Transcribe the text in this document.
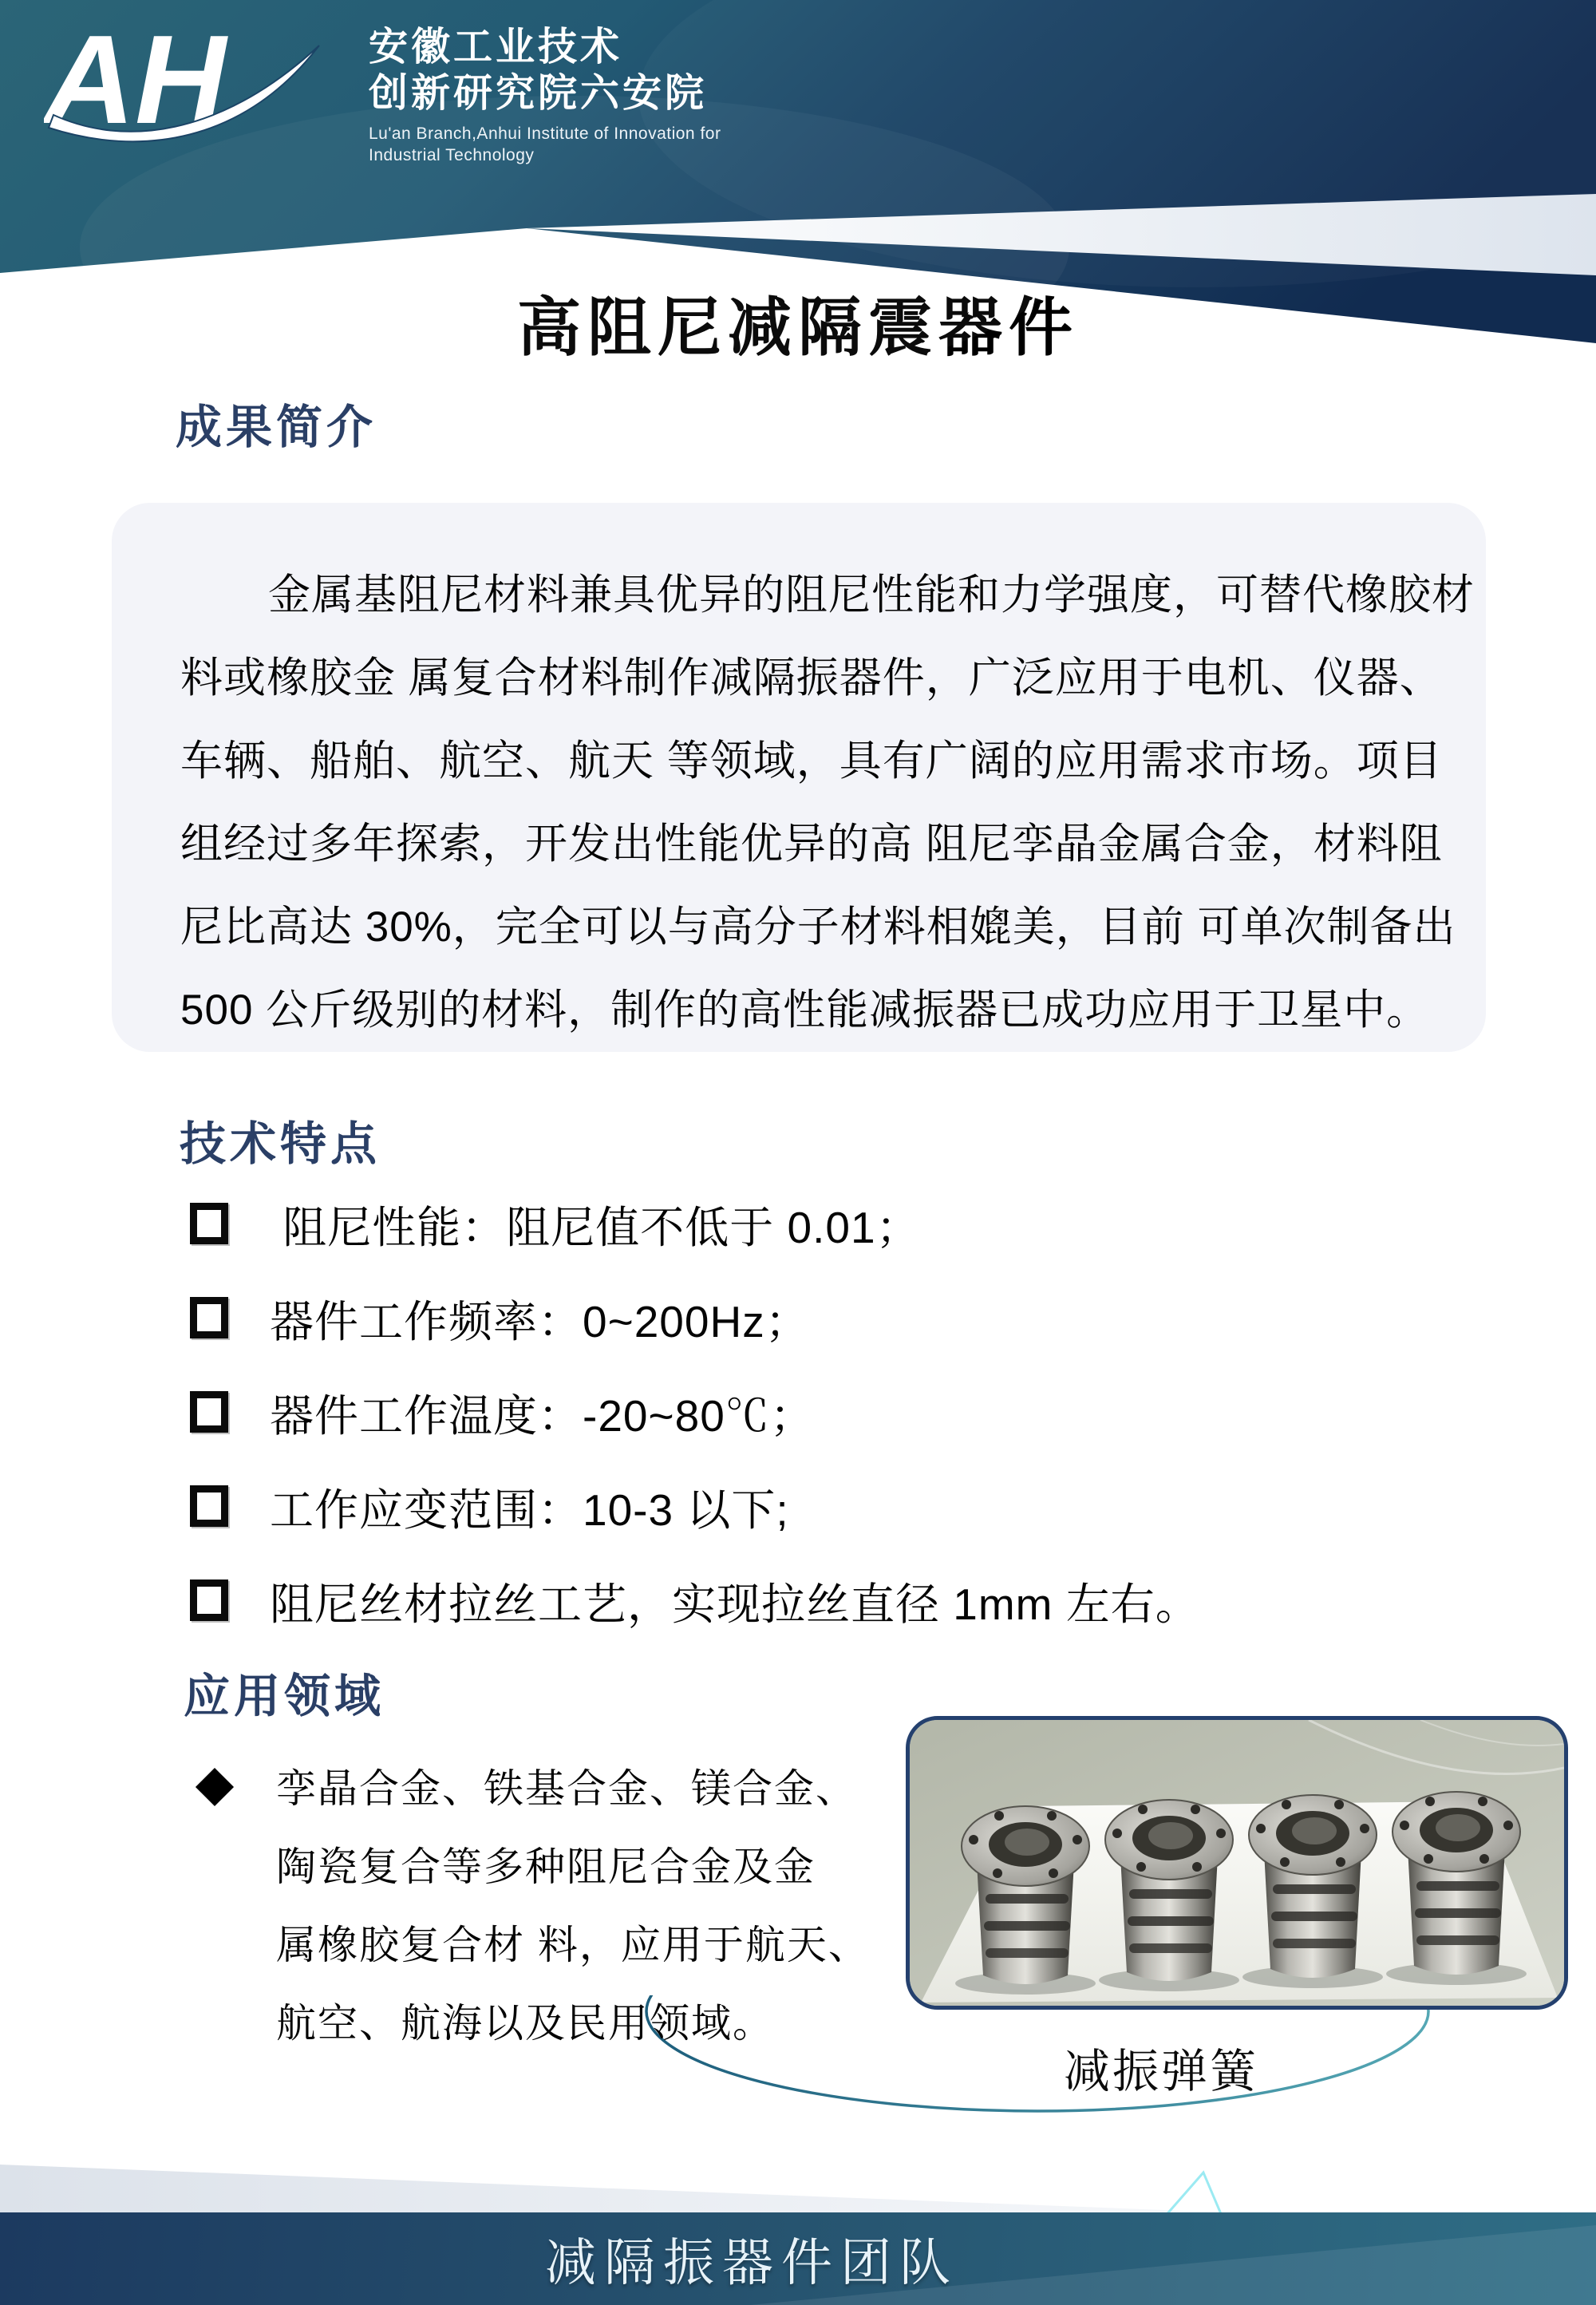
AH	安徽工业技术
创新研究院六安院
Lu'an Branch,Anhui Institute of Innovation for
Industrial Technology
高阻尼减隔震器件
成果简介
金属基阻尼材料兼具优异的阻尼性能和力学强度，可替代橡胶材
料或橡胶金 属复合材料制作减隔振器件，广泛应用于电机、仪器、
车辆、船舶、航空、航天 等领域，具有广阔的应用需求市场。项目
组经过多年探索，开发出性能优异的高 阻尼孪晶金属合金，材料阻
尼比高达 30%，完全可以与高分子材料相媲美，目前 可单次制备出
500 公斤级别的材料，制作的高性能减振器已成功应用于卫星中。
技术特点
阻尼性能：阻尼值不低于 0.01；
器件工作频率：0~200Hz；
器件工作温度：-20~80℃；
工作应变范围：10-3 以下;
阻尼丝材拉丝工艺，实现拉丝直径 1mm 左右。
应用领域
孪晶合金、铁基合金、镁合金、
陶瓷复合等多种阻尼合金及金
属橡胶复合材 料，应用于航天、
航空、航海以及民用领域。
减振弹簧
减隔振器件团队
